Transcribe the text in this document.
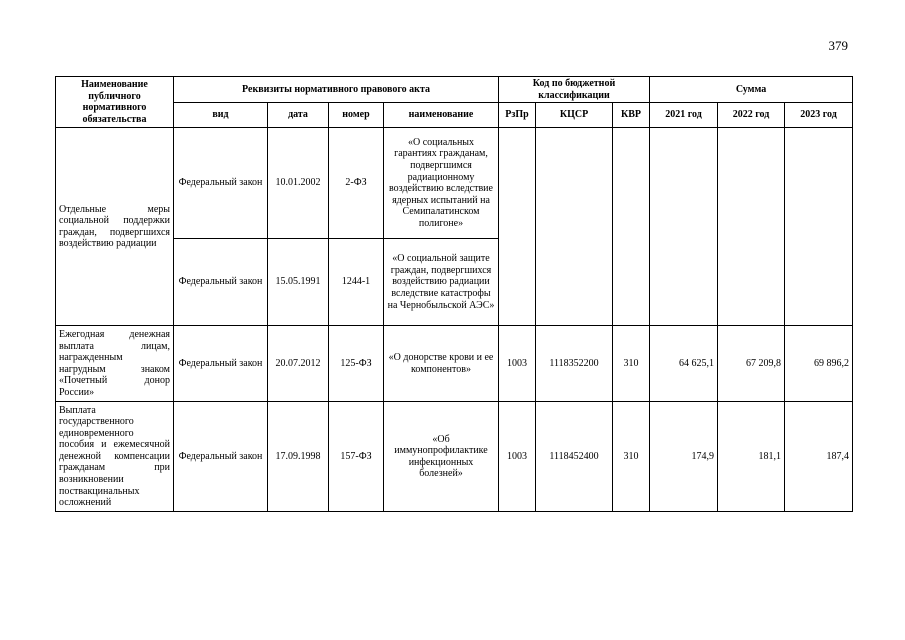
379
Наименование публичного нормативного обязательства	Реквизиты нормативного правового акта				Код по бюджетной классификации			Сумма		
	вид	дата	номер	наименование	РзПр	КЦСР	КВР	2021 год	2022 год	2023 год
Отдельные меры социальной поддержки граждан, подвергшихся воздействию радиации	Федеральный закон	10.01.2002	2-ФЗ	«О социальных гарантиях гражданам, подвергшимся радиационному воздействию вследствие ядерных испытаний на Семипалатинском полигоне»						
	Федеральный закон	15.05.1991	1244-1	«О социальной защите граждан, подвергшихся воздействию радиации вследствие катастрофы на Чернобыльской АЭС»						
Ежегодная денежная выплата лицам, награжденным нагрудным знаком «Почетный донор России»	Федеральный закон	20.07.2012	125-ФЗ	«О донорстве крови и ее компонентов»	1003	1118352200	310	64 625,1	67 209,8	69 896,2
Выплата государственного единовременного пособия и ежемесячной денежной компенсации гражданам при возникновении поствакцинальных осложнений	Федеральный закон	17.09.1998	157-ФЗ	«Об иммунопрофилактике инфекционных болезней»	1003	1118452400	310	174,9	181,1	187,4
